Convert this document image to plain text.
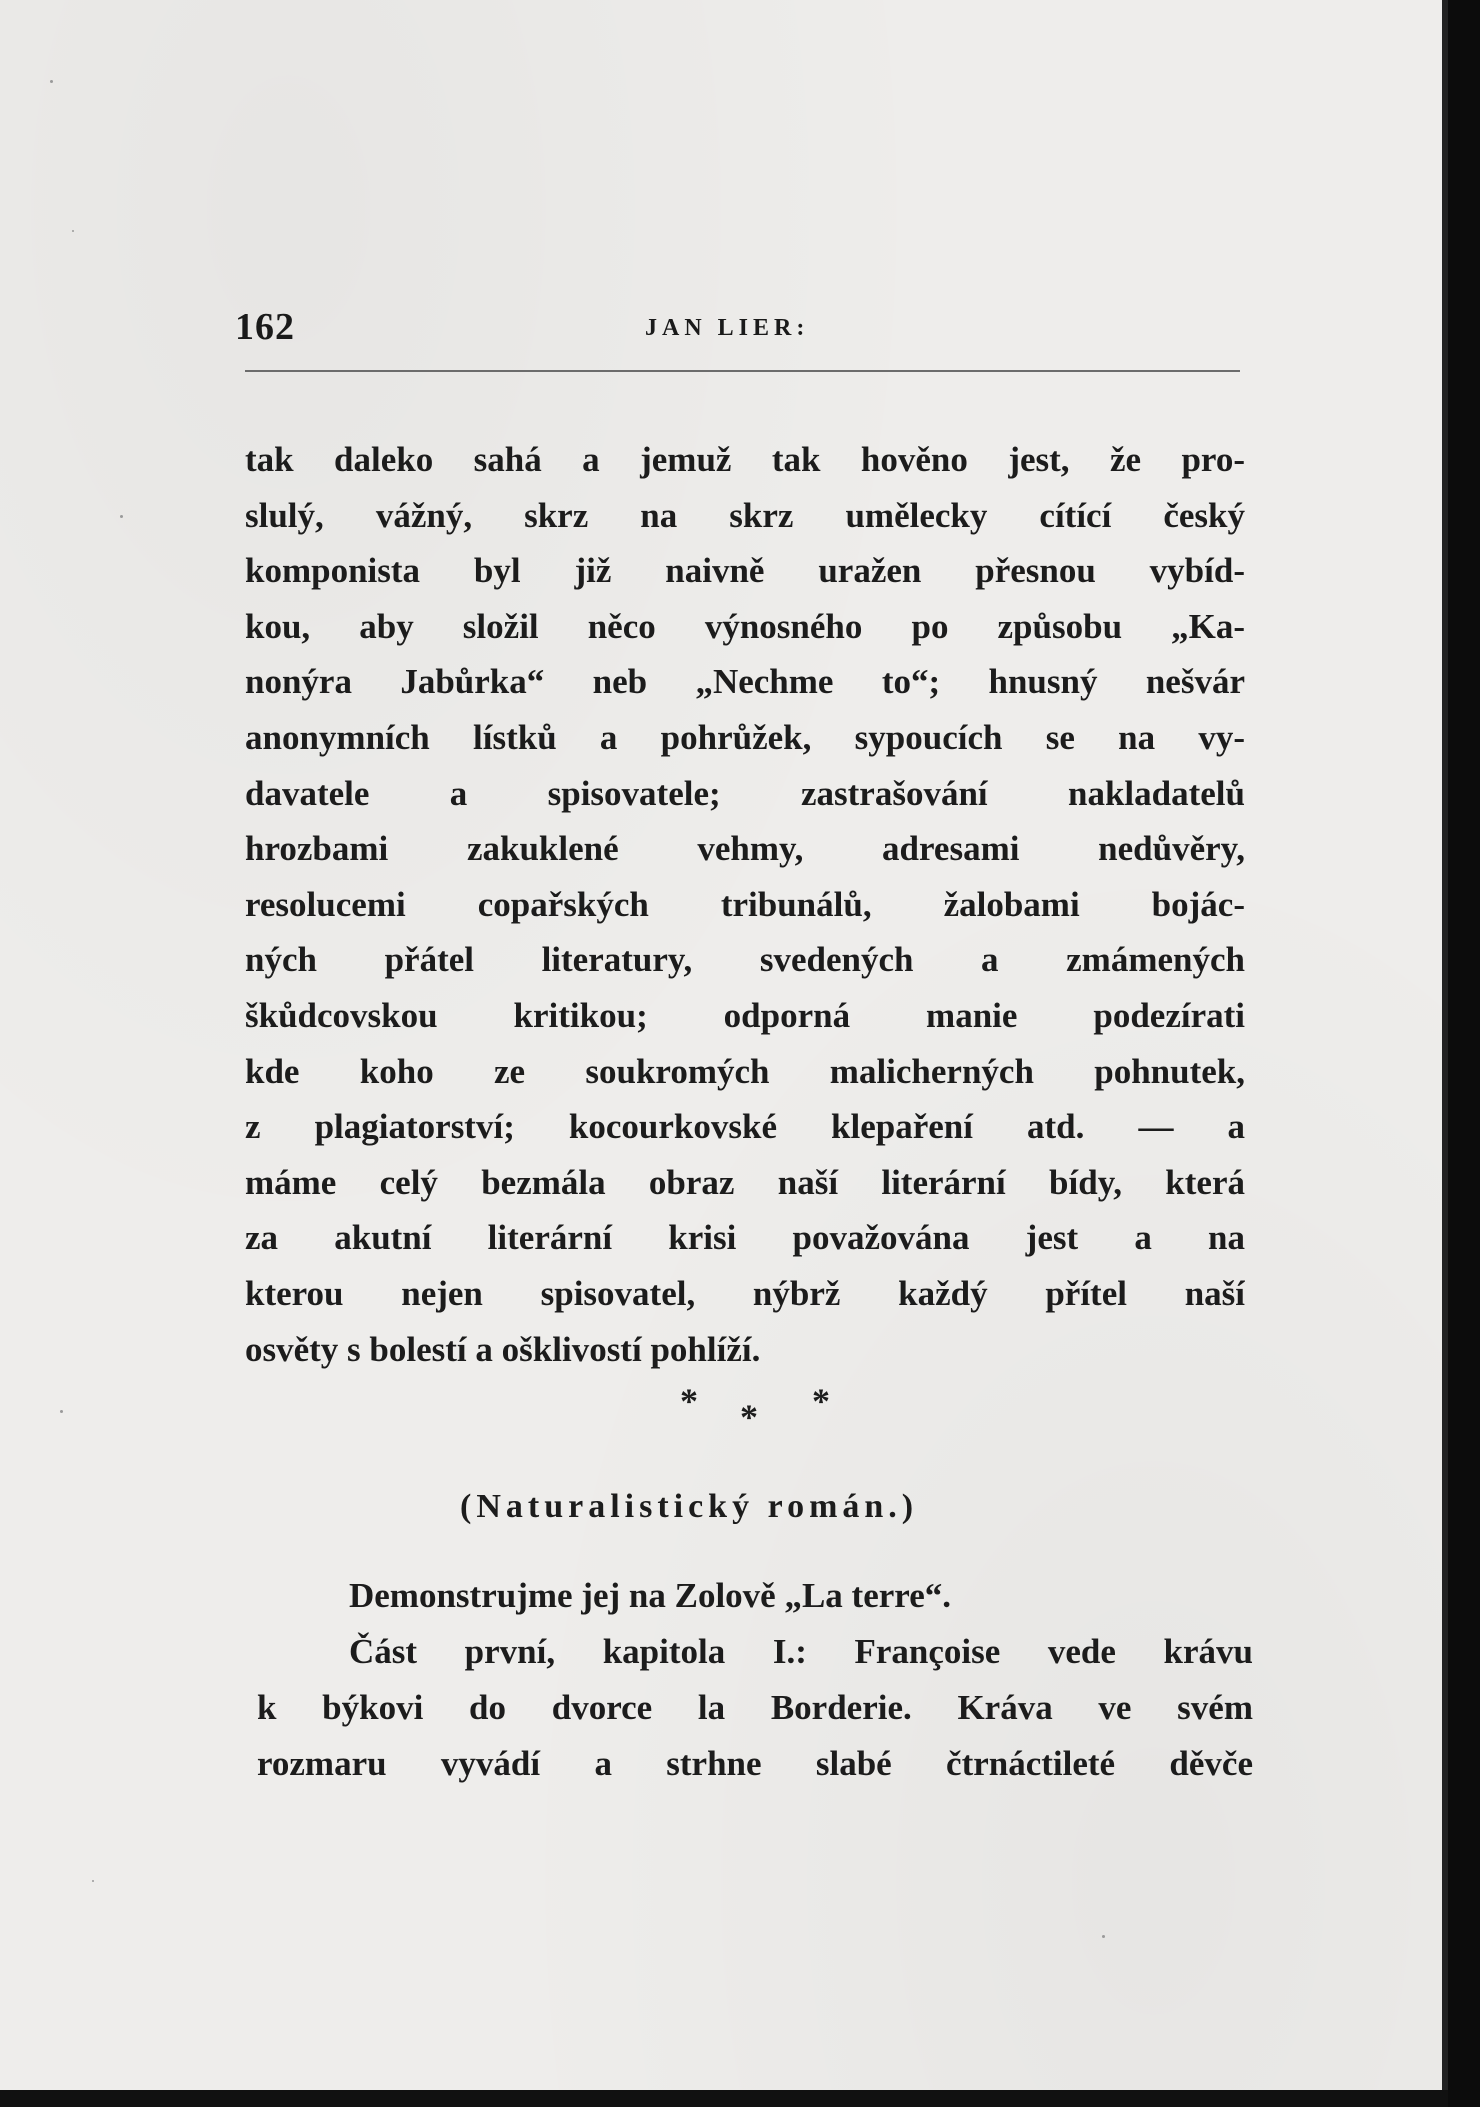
162	JAN LIER:
tak daleko sahá a jemuž tak hověno jest, že pro-
slulý, vážný, skrz na skrz umělecky cítící český
komponista byl již naivně uražen přesnou vybíd-
kou, aby složil něco výnosného po způsobu „Ka-
nonýra Jabůrka“ neb „Nechme to“; hnusný nešvár
anonymních lístků a pohrůžek, sypoucích se na vy-
davatele a spisovatele; zastrašování nakladatelů
hrozbami zakuklené vehmy, adresami nedůvěry,
resolucemi copařských tribunálů, žalobami bojác-
ných přátel literatury, svedených a zmámených
škůdcovskou kritikou; odporná manie podezírati
kde koho ze soukromých malicherných pohnutek,
z plagiatorství; kocourkovské klepaření atd. — a
máme celý bezmála obraz naší literární bídy, která
za akutní literární krisi považována jest a na
kterou nejen spisovatel, nýbrž každý přítel naší
osvěty s bolestí a ošklivostí pohlíží.
* * *
(Naturalistický román.)
Demonstrujme jej na Zolově „La terre“.
Část první, kapitola I.: Françoise vede krávu
k býkovi do dvorce la Borderie. Kráva ve svém
rozmaru vyvádí a strhne slabé čtrnáctileté děvče
